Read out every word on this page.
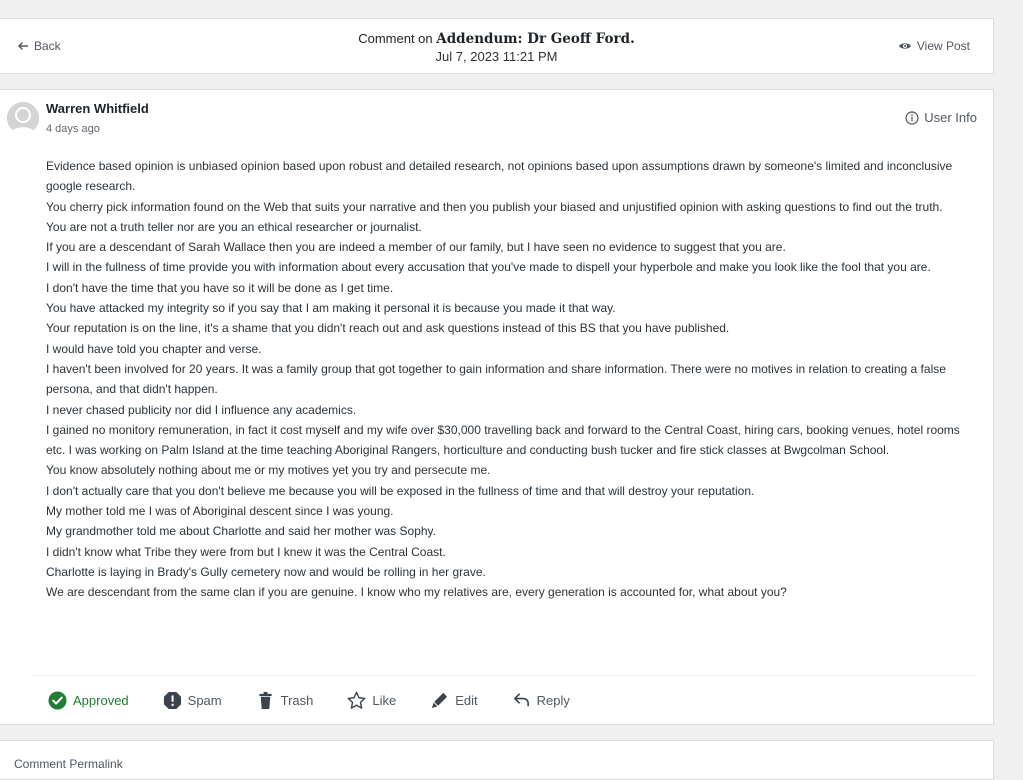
Back	Comment on Addendum: Dr Geoff Ford.
Jul 7, 2023 11:21 PM
View Post
Warren Whitfield
4 days ago
User Info

Evidence based opinion is unbiased opinion based upon robust and detailed research, not opinions based upon assumptions drawn by someone's limited and inconclusive google research.

You cherry pick information found on the Web that suits your narrative and then you publish your biased and unjustified opinion with asking questions to find out the truth.

You are not a truth teller nor are you an ethical researcher or journalist.

If you are a descendant of Sarah Wallace then you are indeed a member of our family, but I have seen no evidence to suggest that you are.

I will in the fullness of time provide you with information about every accusation that you've made to dispell your hyperbole and make you look like the fool that you are.

I don't have the time that you have so it will be done as I get time.

You have attacked my integrity so if you say that I am making it personal it is because you made it that way.

Your reputation is on the line, it's a shame that you didn't reach out and ask questions instead of this BS that you have published.

I would have told you chapter and verse.

I haven't been involved for 20 years. It was a family group that got together to gain information and share information. There were no motives in relation to creating a false persona, and that didn't happen.

I never chased publicity nor did I influence any academics.

I gained no monitory remuneration, in fact it cost myself and my wife over $30,000 travelling back and forward to the Central Coast, hiring cars, booking venues, hotel rooms etc. I was working on Palm Island at the time teaching Aboriginal Rangers, horticulture and conducting bush tucker and fire stick classes at Bwgcolman School.

You know absolutely nothing about me or my motives yet you try and persecute me.

I don't actually care that you don't believe me because you will be exposed in the fullness of time and that will destroy your reputation.

My mother told me I was of Aboriginal descent since I was young.

My grandmother told me about Charlotte and said her mother was Sophy.

I didn't know what Tribe they were from but I knew it was the Central Coast.

Charlotte is laying in Brady's Gully cemetery now and would be rolling in her grave.

We are descendant from the same clan if you are genuine. I know who my relatives are, every generation is accounted for, what about you?

Approved	Spam	Trash	Like	Edit	Reply
Comment Permalink
